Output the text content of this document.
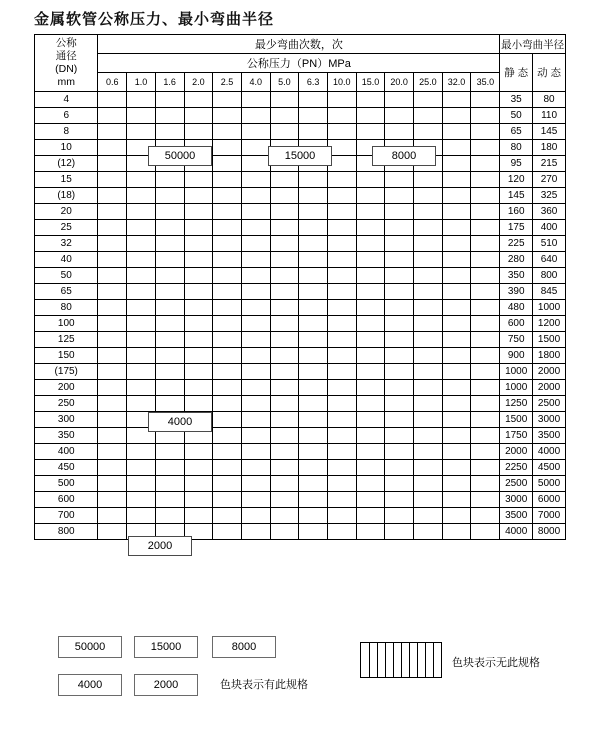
金属软管公称压力、最小弯曲半径
公称
通径
(DN)
mm	最少弯曲次数，次														最小弯曲半径	
	公称压力（PN）MPa														静 态	动 态
	0.6	1.0	1.6	2.0	2.5	4.0	5.0	6.3	10.0	15.0	20.0	25.0	32.0	35.0		
4															35	80
6															50	110
8															65	145
10															80	180
(12)															95	215
15															120	270
(18)															145	325
20															160	360
25															175	400
32															225	510
40															280	640
50															350	800
65															390	845
80															480	1000
100															600	1200
125															750	1500
150															900	1800
(175)															1000	2000
200															1000	2000
250															1250	2500
300															1500	3000
350															1750	3500
400															2000	4000
450															2250	4500
500															2500	5000
600															3000	6000
700															3500	7000
800															4000	8000
50000	15000	8000
4000
2000
50000	15000	8000
4000	2000	色块表示有此规格
色块表示无此规格
